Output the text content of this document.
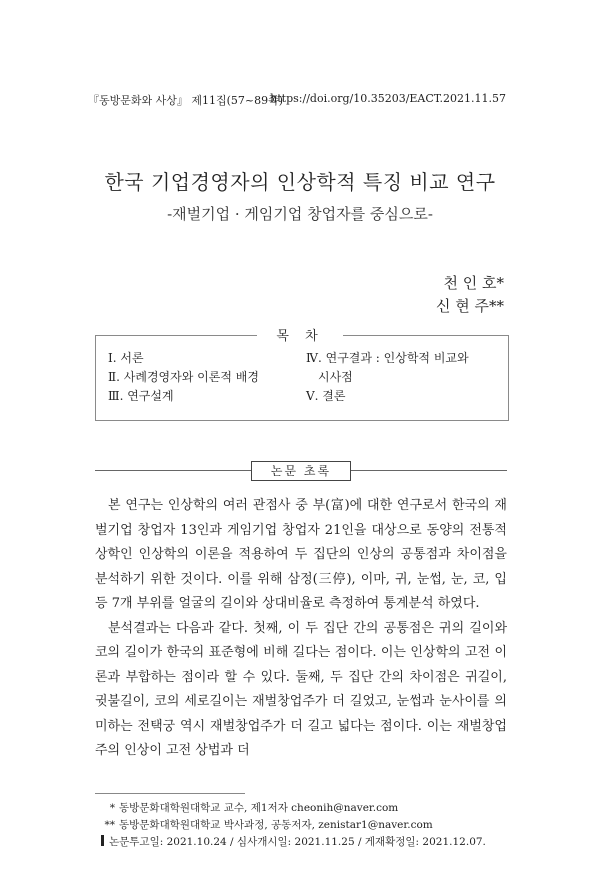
『동방문화와 사상』 제11집(57~89쪽)
https://doi.org/10.35203/EACT.2021.11.57
한국 기업경영자의 인상학적 특징 비교 연구
-재벌기업 · 게임기업 창업자를 중심으로-
천 인 호*
신 현 주**
목 차
Ⅰ. 서론
Ⅱ. 사례경영자와 이론적 배경
Ⅲ. 연구설계
Ⅳ. 연구결과 : 인상학적 비교와
시사점
Ⅴ. 결론
논문 초록

본 연구는 인상학의 여러 관점사 중 부(富)에 대한 연구로서 한국의 재벌기업 창업자 13인과 게임기업 창업자 21인을 대상으로 동양의 전통적 상학인 인상학의 이론을 적용하여 두 집단의 인상의 공통점과 차이점을 분석하기 위한 것이다. 이를 위해 삼정(三停), 이마, 귀, 눈썹, 눈, 코, 입 등 7개 부위를 얼굴의 길이와 상대비율로 측정하여 통계분석 하였다.

분석결과는 다음과 같다. 첫째, 이 두 집단 간의 공통점은 귀의 길이와 코의 길이가 한국의 표준형에 비해 길다는 점이다. 이는 인상학의 고전 이론과 부합하는 점이라 할 수 있다. 둘째, 두 집단 간의 차이점은 귀길이, 귓불길이, 코의 세로길이는 재벌창업주가 더 길었고, 눈썹과 눈사이를 의미하는 전택궁 역시 재벌창업주가 더 길고 넓다는 점이다. 이는 재벌창업주의 인상이 고전 상법과 더

* 동방문화대학원대학교 교수, 제1저자 cheonih@naver.com
** 동방문화대학원대학교 박사과정, 공동저자, zenistar1@naver.com
논문투고일: 2021.10.24 / 심사개시일: 2021.11.25 / 게재확정일: 2021.12.07.
